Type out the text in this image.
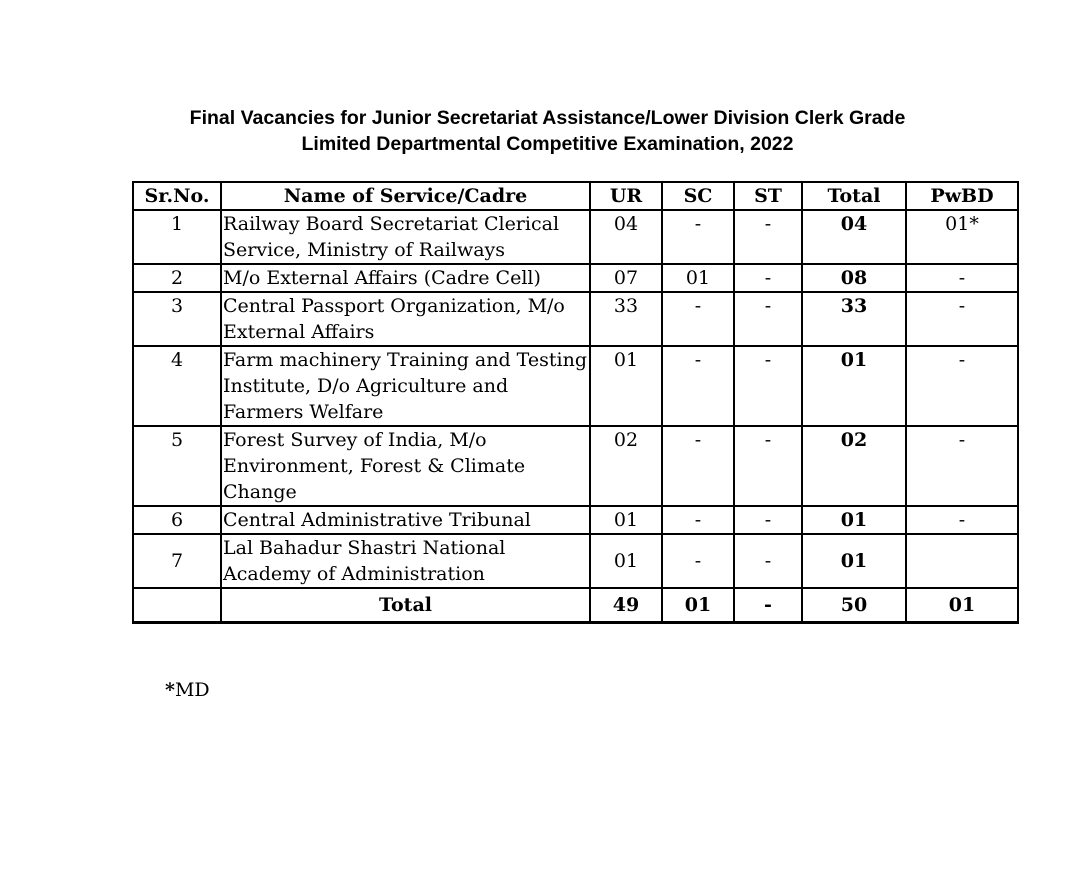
Final Vacancies for Junior Secretariat Assistance/Lower Division Clerk Grade
Limited Departmental Competitive Examination, 2022
Sr.No.	Name of Service/Cadre	UR	SC	ST	Total	PwBD
1	Railway Board Secretariat Clerical Service, Ministry of Railways	04	-	-	04	01*
2	M/o External Affairs (Cadre Cell)	07	01	-	08	-
3	Central Passport Organization, M/o External Affairs	33	-	-	33	-
4	Farm machinery Training and Testing Institute, D/o Agriculture and Farmers Welfare	01	-	-	01	-
5	Forest Survey of India, M/o Environment, Forest & Climate Change	02	-	-	02	-
6	Central Administrative Tribunal	01	-	-	01	-
7	Lal Bahadur Shastri National Academy of Administration	01	-	-	01	
	Total	49	01	-	50	01
*MD
